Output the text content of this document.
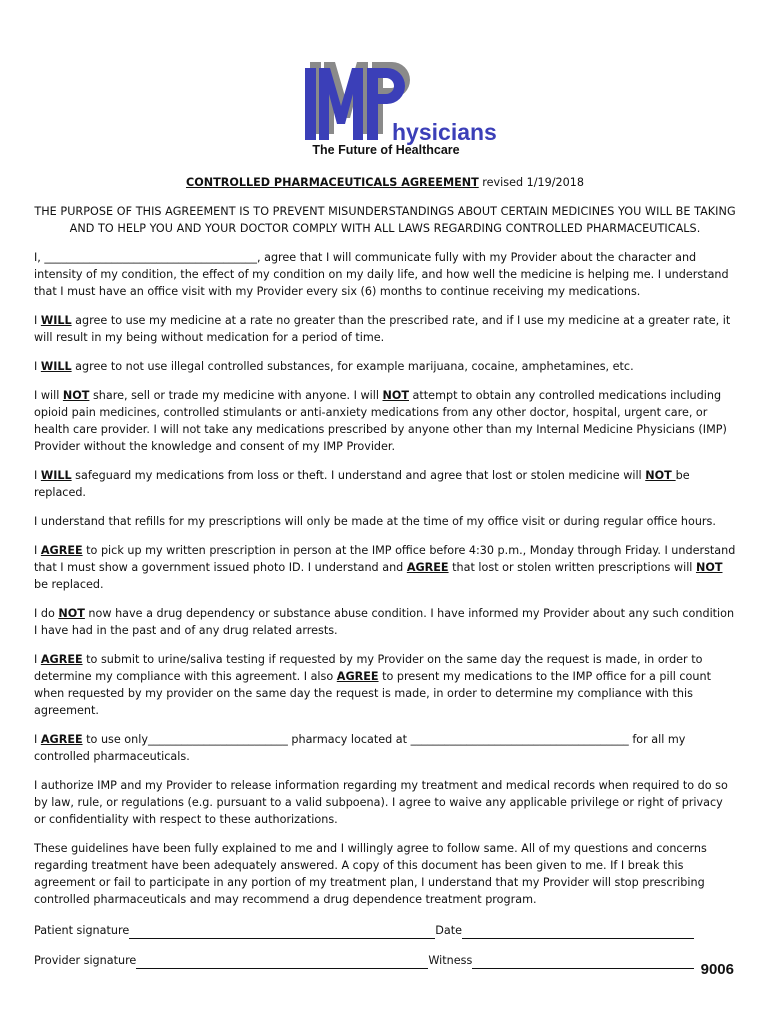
hysicians
The Future of Healthcare

CONTROLLED PHARMACEUTICALS AGREEMENT revised 1/19/2018

THE PURPOSE OF THIS AGREEMENT IS TO PREVENT MISUNDERSTANDINGS ABOUT CERTAIN MEDICINES YOU WILL BE TAKING AND TO HELP YOU AND YOUR DOCTOR COMPLY WITH ALL LAWS REGARDING CONTROLLED PHARMACEUTICALS.

I, ______________________________________, agree that I will communicate fully with my Provider about the character and intensity of my condition, the effect of my condition on my daily life, and how well the medicine is helping me. I understand that I must have an office visit with my Provider every six (6) months to continue receiving my medications.

I WILL agree to use my medicine at a rate no greater than the prescribed rate, and if I use my medicine at a greater rate, it will result in my being without medication for a period of time.

I WILL agree to not use illegal controlled substances, for example marijuana, cocaine, amphetamines, etc.

I will NOT share, sell or trade my medicine with anyone. I will NOT attempt to obtain any controlled medications including opioid pain medicines, controlled stimulants or anti-anxiety medications from any other doctor, hospital, urgent care, or health care provider. I will not take any medications prescribed by anyone other than my Internal Medicine Physicians (IMP) Provider without the knowledge and consent of my IMP Provider.

I WILL safeguard my medications from loss or theft. I understand and agree that lost or stolen medicine will NOT be replaced.

I understand that refills for my prescriptions will only be made at the time of my office visit or during regular office hours.

I AGREE to pick up my written prescription in person at the IMP office before 4:30 p.m., Monday through Friday. I understand that I must show a government issued photo ID. I understand and AGREE that lost or stolen written prescriptions will NOT be replaced.

I do NOT now have a drug dependency or substance abuse condition. I have informed my Provider about any such condition I have had in the past and of any drug related arrests.

I AGREE to submit to urine/saliva testing if requested by my Provider on the same day the request is made, in order to determine my compliance with this agreement. I also AGREE to present my medications to the IMP office for a pill count when requested by my provider on the same day the request is made, in order to determine my compliance with this agreement.

I AGREE to use only_________________________ pharmacy located at _______________________________________ for all my controlled pharmaceuticals.

I authorize IMP and my Provider to release information regarding my treatment and medical records when required to do so by law, rule, or regulations (e.g. pursuant to a valid subpoena). I agree to waive any applicable privilege or right of privacy or confidentiality with respect to these authorizations.

These guidelines have been fully explained to me and I willingly agree to follow same. All of my questions and concerns regarding treatment have been adequately answered. A copy of this document has been given to me. If I break this agreement or fail to participate in any portion of my treatment plan, I understand that my Provider will stop prescribing controlled pharmaceuticals and may recommend a drug dependence treatment program.

Patient signature	Date
Provider signature	Witness
9006
